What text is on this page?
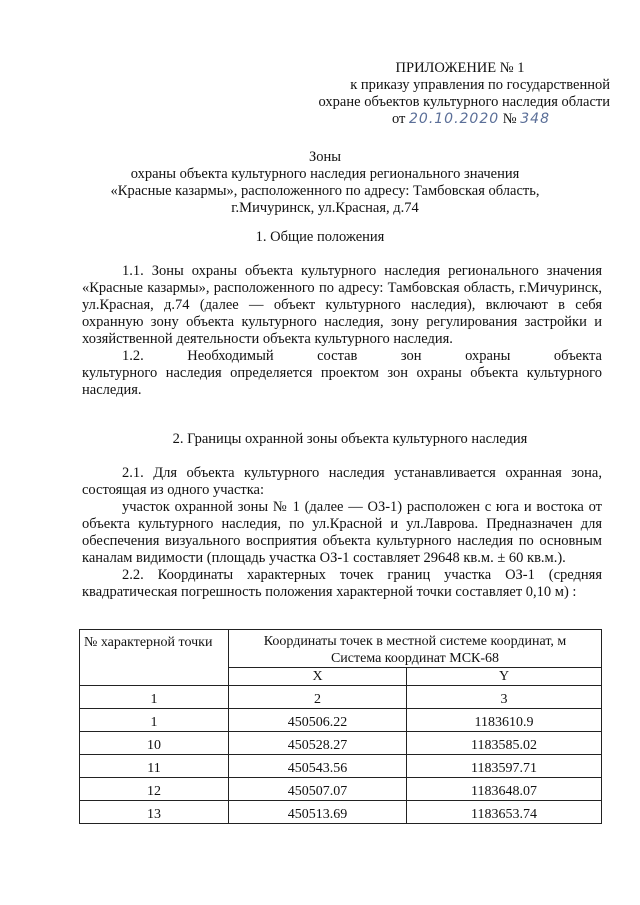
ПРИЛОЖЕНИЕ № 1
к приказу управления по государственной
охране объектов культурного наследия области
от 20.10.2020 № 348
Зоны
охраны объекта культурного наследия регионального значения
«Красные казармы», расположенного по адресу: Тамбовская область,
г.Мичуринск, ул.Красная, д.74
1. Общие положения

1.1. Зоны охраны объекта культурного наследия регионального значения «Красные казармы», расположенного по адресу: Тамбовская область, г.Мичуринск, ул.Красная, д.74 (далее — объект культурного наследия), включают в себя охранную зону объекта культурного наследия, зону регулирования застройки и хозяйственной деятельности объекта культурного наследия.

1.2.	Необходимый	состав	зон	охраны	объекта
культурного наследия определяется проектом зон охраны объекта культурного наследия.

2. Границы охранной зоны объекта культурного наследия

2.1. Для объекта культурного наследия устанавливается охранная зона, состоящая из одного участка:

участок охранной зоны № 1 (далее — ОЗ-1) расположен с юга и востока от объекта культурного наследия, по ул.Красной и ул.Лаврова. Предназначен для обеспечения визуального восприятия объекта культурного наследия по основным каналам видимости (площадь участка ОЗ-1 составляет 29648 кв.м. ± 60 кв.м.).

2.2. Координаты характерных точек границ участка ОЗ-1 (средняя квадратическая погрешность положения характерной точки составляет 0,10 м) :

№ характерной точки	Координаты точек в местной системе координат, м
Система координат МСК-68	

	X	Y
1	2	3
1	450506.22	1183610.9
10	450528.27	1183585.02
11	450543.56	1183597.71
12	450507.07	1183648.07
13	450513.69	1183653.74
